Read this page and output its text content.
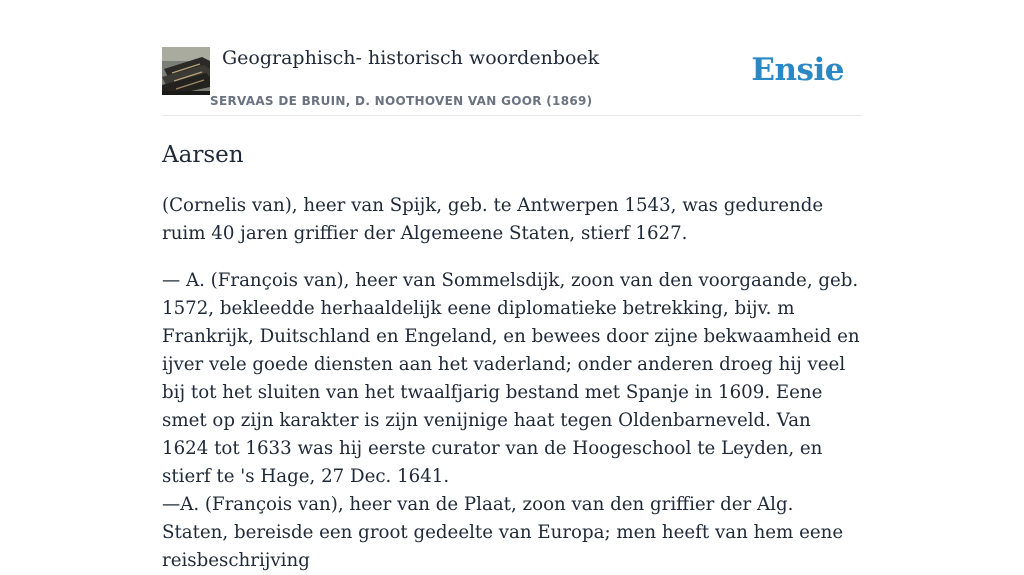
Geographisch- historisch woordenboek
SERVAAS DE BRUIN, D. NOOTHOVEN VAN GOOR (1869)
Ensie
Aarsen

(Cornelis van), heer van Spijk, geb. te Antwerpen 1543, was gedurende ruim 40 jaren griffier der Algemeene Staten, stierf 1627.

— A. (François van), heer van Sommelsdijk, zoon van den voorgaande, geb. 1572, bekleedde herhaaldelijk eene diplomatieke betrekking, bijv. m Frankrijk, Duitschland en Engeland, en bewees door zijne bekwaamheid en ijver vele goede diensten aan het vaderland; onder anderen droeg hij veel bij tot het sluiten van het twaalfjarig bestand met Spanje in 1609. Eene smet op zijn karakter is zijn venijnige haat tegen Oldenbarneveld. Van 1624 tot 1633 was hij eerste curator van de Hoogeschool te Leyden, en stierf te 's Hage, 27 Dec. 1641.

—A. (François van), heer van de Plaat, zoon van den griffier der Alg. Staten, bereisde een groot gedeelte van Europa; men heeft van hem eene reisbeschrijving
